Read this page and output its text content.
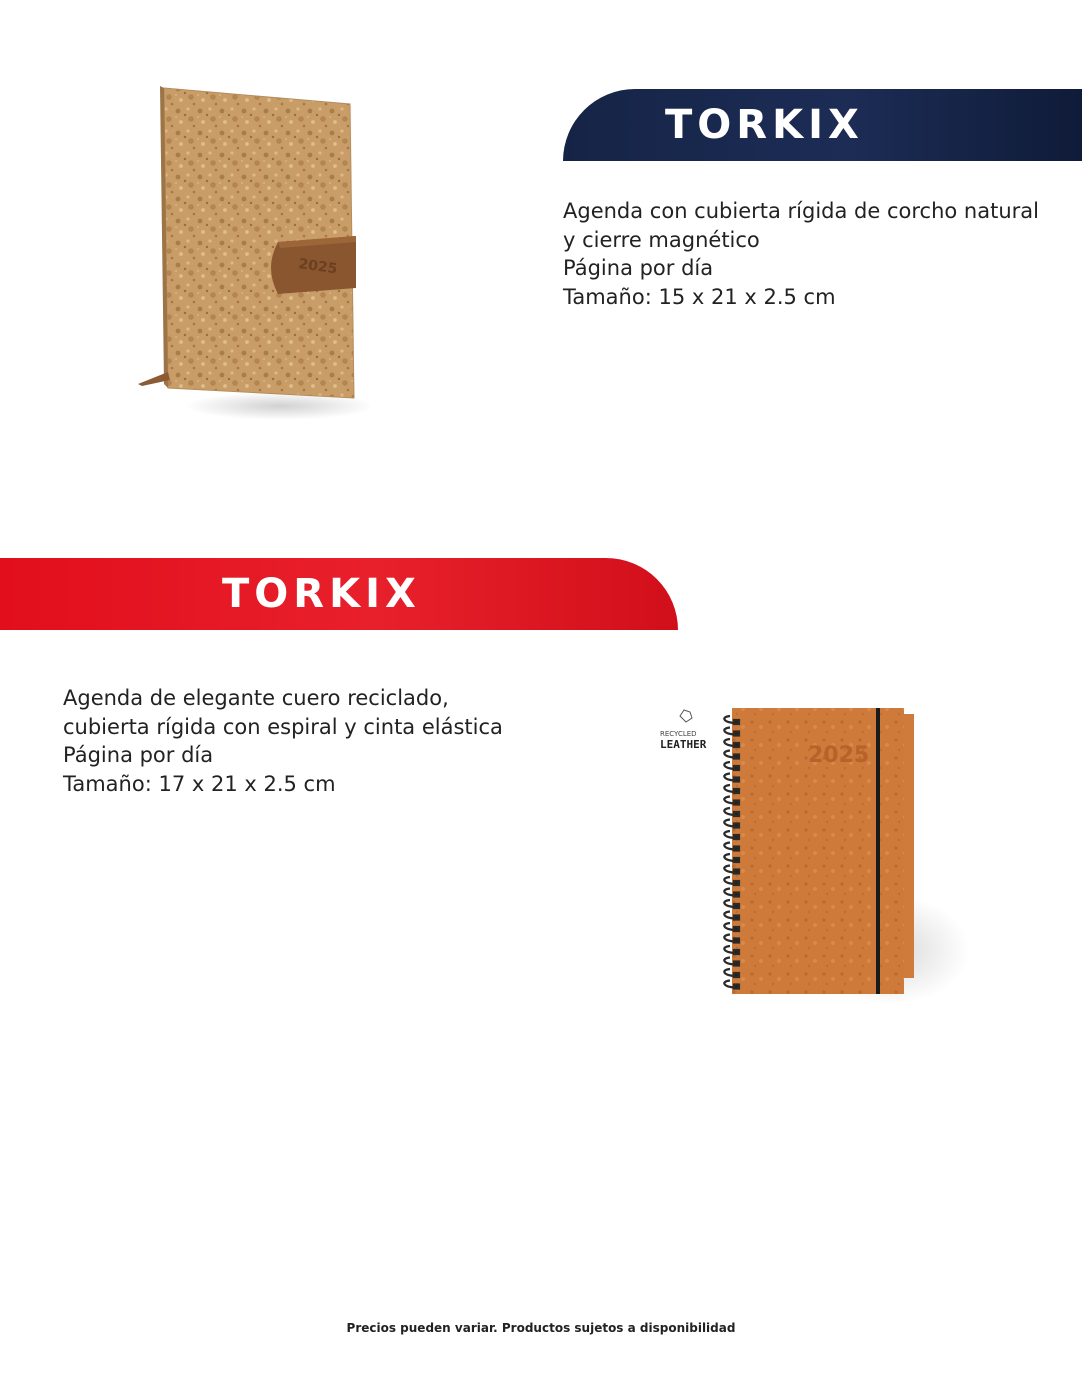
TORKIX

Agenda con cubierta rígida de corcho natural

y cierre magnético

Página por día

Tamaño: 15 x 21 x 2.5 cm

2025
TORKIX

Agenda de elegante cuero reciclado,

cubierta rígida con espiral y cinta elástica

Página por día

Tamaño: 17 x 21 x 2.5 cm

RECYCLED
LEATHER	2025
Precios pueden variar. Productos sujetos a disponibilidad
